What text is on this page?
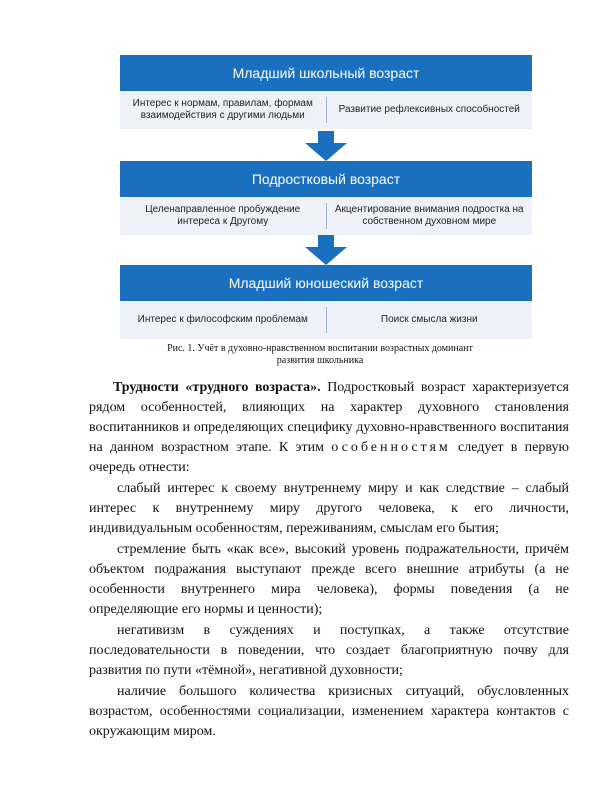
Младший школьный возраст
Интерес к нормам, правилам, формам взаимодействия с другими людьми
Развитие рефлексивных способностей
Подростковый возраст
Целенаправленное пробуждение интереса к Другому
Акцентирование внимания подростка на собственном духовном мире
Младший юношеский возраст
Интерес к философским проблемам	Поиск смысла жизни
Рис. 1. Учёт в духовно-нравственном воспитании возрастных доминант
развития школьника

Трудности «трудного возраста». Подростковый возраст характеризуется рядом особенностей, влияющих на характер духовного становления воспитанников и определяющих специфику духовно-нравственного воспитания на данном возрастном этапе. К этим особенностям следует в первую очередь отнести:

слабый интерес к своему внутреннему миру и как следствие – слабый интерес к внутреннему миру другого человека, к его личности, индивидуальным особенностям, переживаниям, смыслам его бытия;

стремление быть «как все», высокий уровень подражательности, причём объектом подражания выступают прежде всего внешние атрибуты (а не особенности внутреннего мира человека), формы поведения (а не определяющие его нормы и ценности);

негативизм в суждениях и поступках, а также отсутствие последовательности в поведении, что создает благоприятную почву для развития по пути «тёмной», негативной духовности;

наличие большого количества кризисных ситуаций, обусловленных возрастом, особенностями социализации, изменением характера контактов с окружающим миром.
